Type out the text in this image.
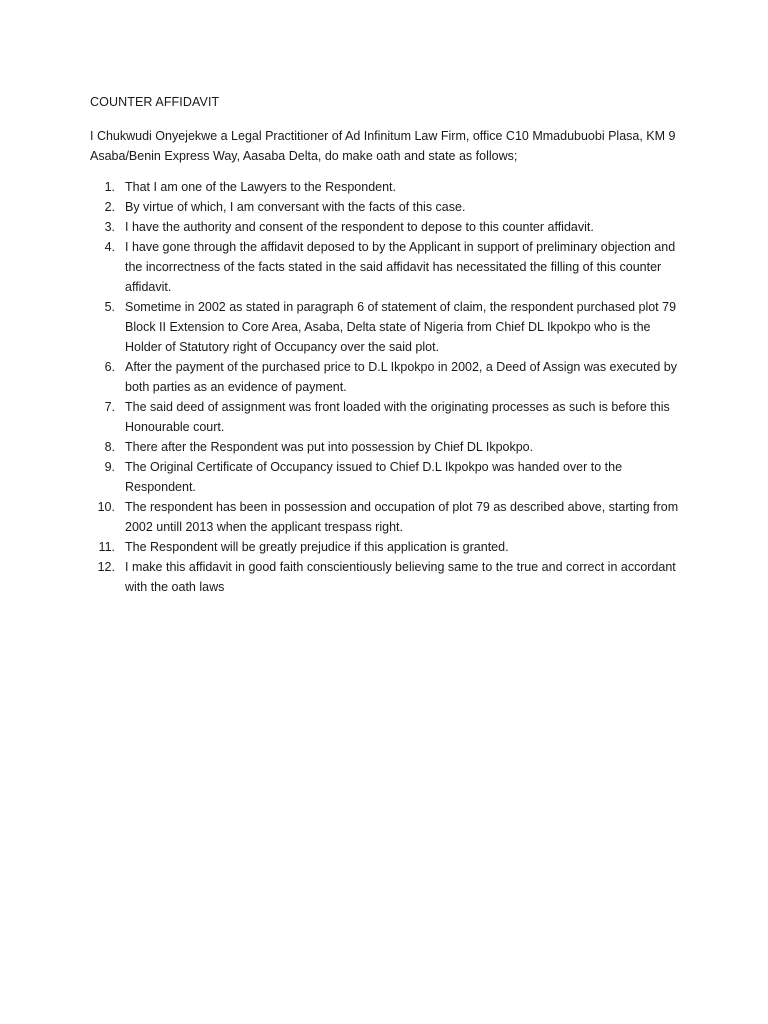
COUNTER AFFIDAVIT
I Chukwudi Onyejekwe a Legal Practitioner of Ad Infinitum Law Firm, office C10 Mmadubuobi Plasa, KM 9 Asaba/Benin Express Way, Aasaba Delta, do make oath and state as follows;
1. That I am one of the Lawyers to the Respondent.
2. By virtue of which, I am conversant with the facts of this case.
3. I have the authority and consent of the respondent to depose to this counter affidavit.
4. I have gone through the affidavit deposed to by the Applicant in support of preliminary objection and the incorrectness of the facts stated in the said affidavit has necessitated the filling of this counter affidavit.
5. Sometime in 2002 as stated in paragraph 6 of statement of claim, the respondent purchased plot 79 Block II Extension to Core Area, Asaba, Delta state of Nigeria from Chief DL Ikpokpo who is the Holder of Statutory right of Occupancy over the said plot.
6. After the payment of the purchased price to D.L Ikpokpo in 2002, a Deed of Assign was executed by both parties as an evidence of payment.
7. The said deed of assignment was front loaded with the originating processes as such is before this Honourable court.
8. There after the Respondent was put into possession by Chief DL Ikpokpo.
9. The Original Certificate of Occupancy issued to Chief D.L Ikpokpo was handed over to the Respondent.
10. The respondent has been in possession and occupation of plot 79 as described above, starting from 2002 untill 2013 when the applicant trespass right.
11. The Respondent will be greatly prejudice if this application is granted.
12. I make this affidavit in good faith conscientiously believing same to the true and correct in accordant with the oath laws
